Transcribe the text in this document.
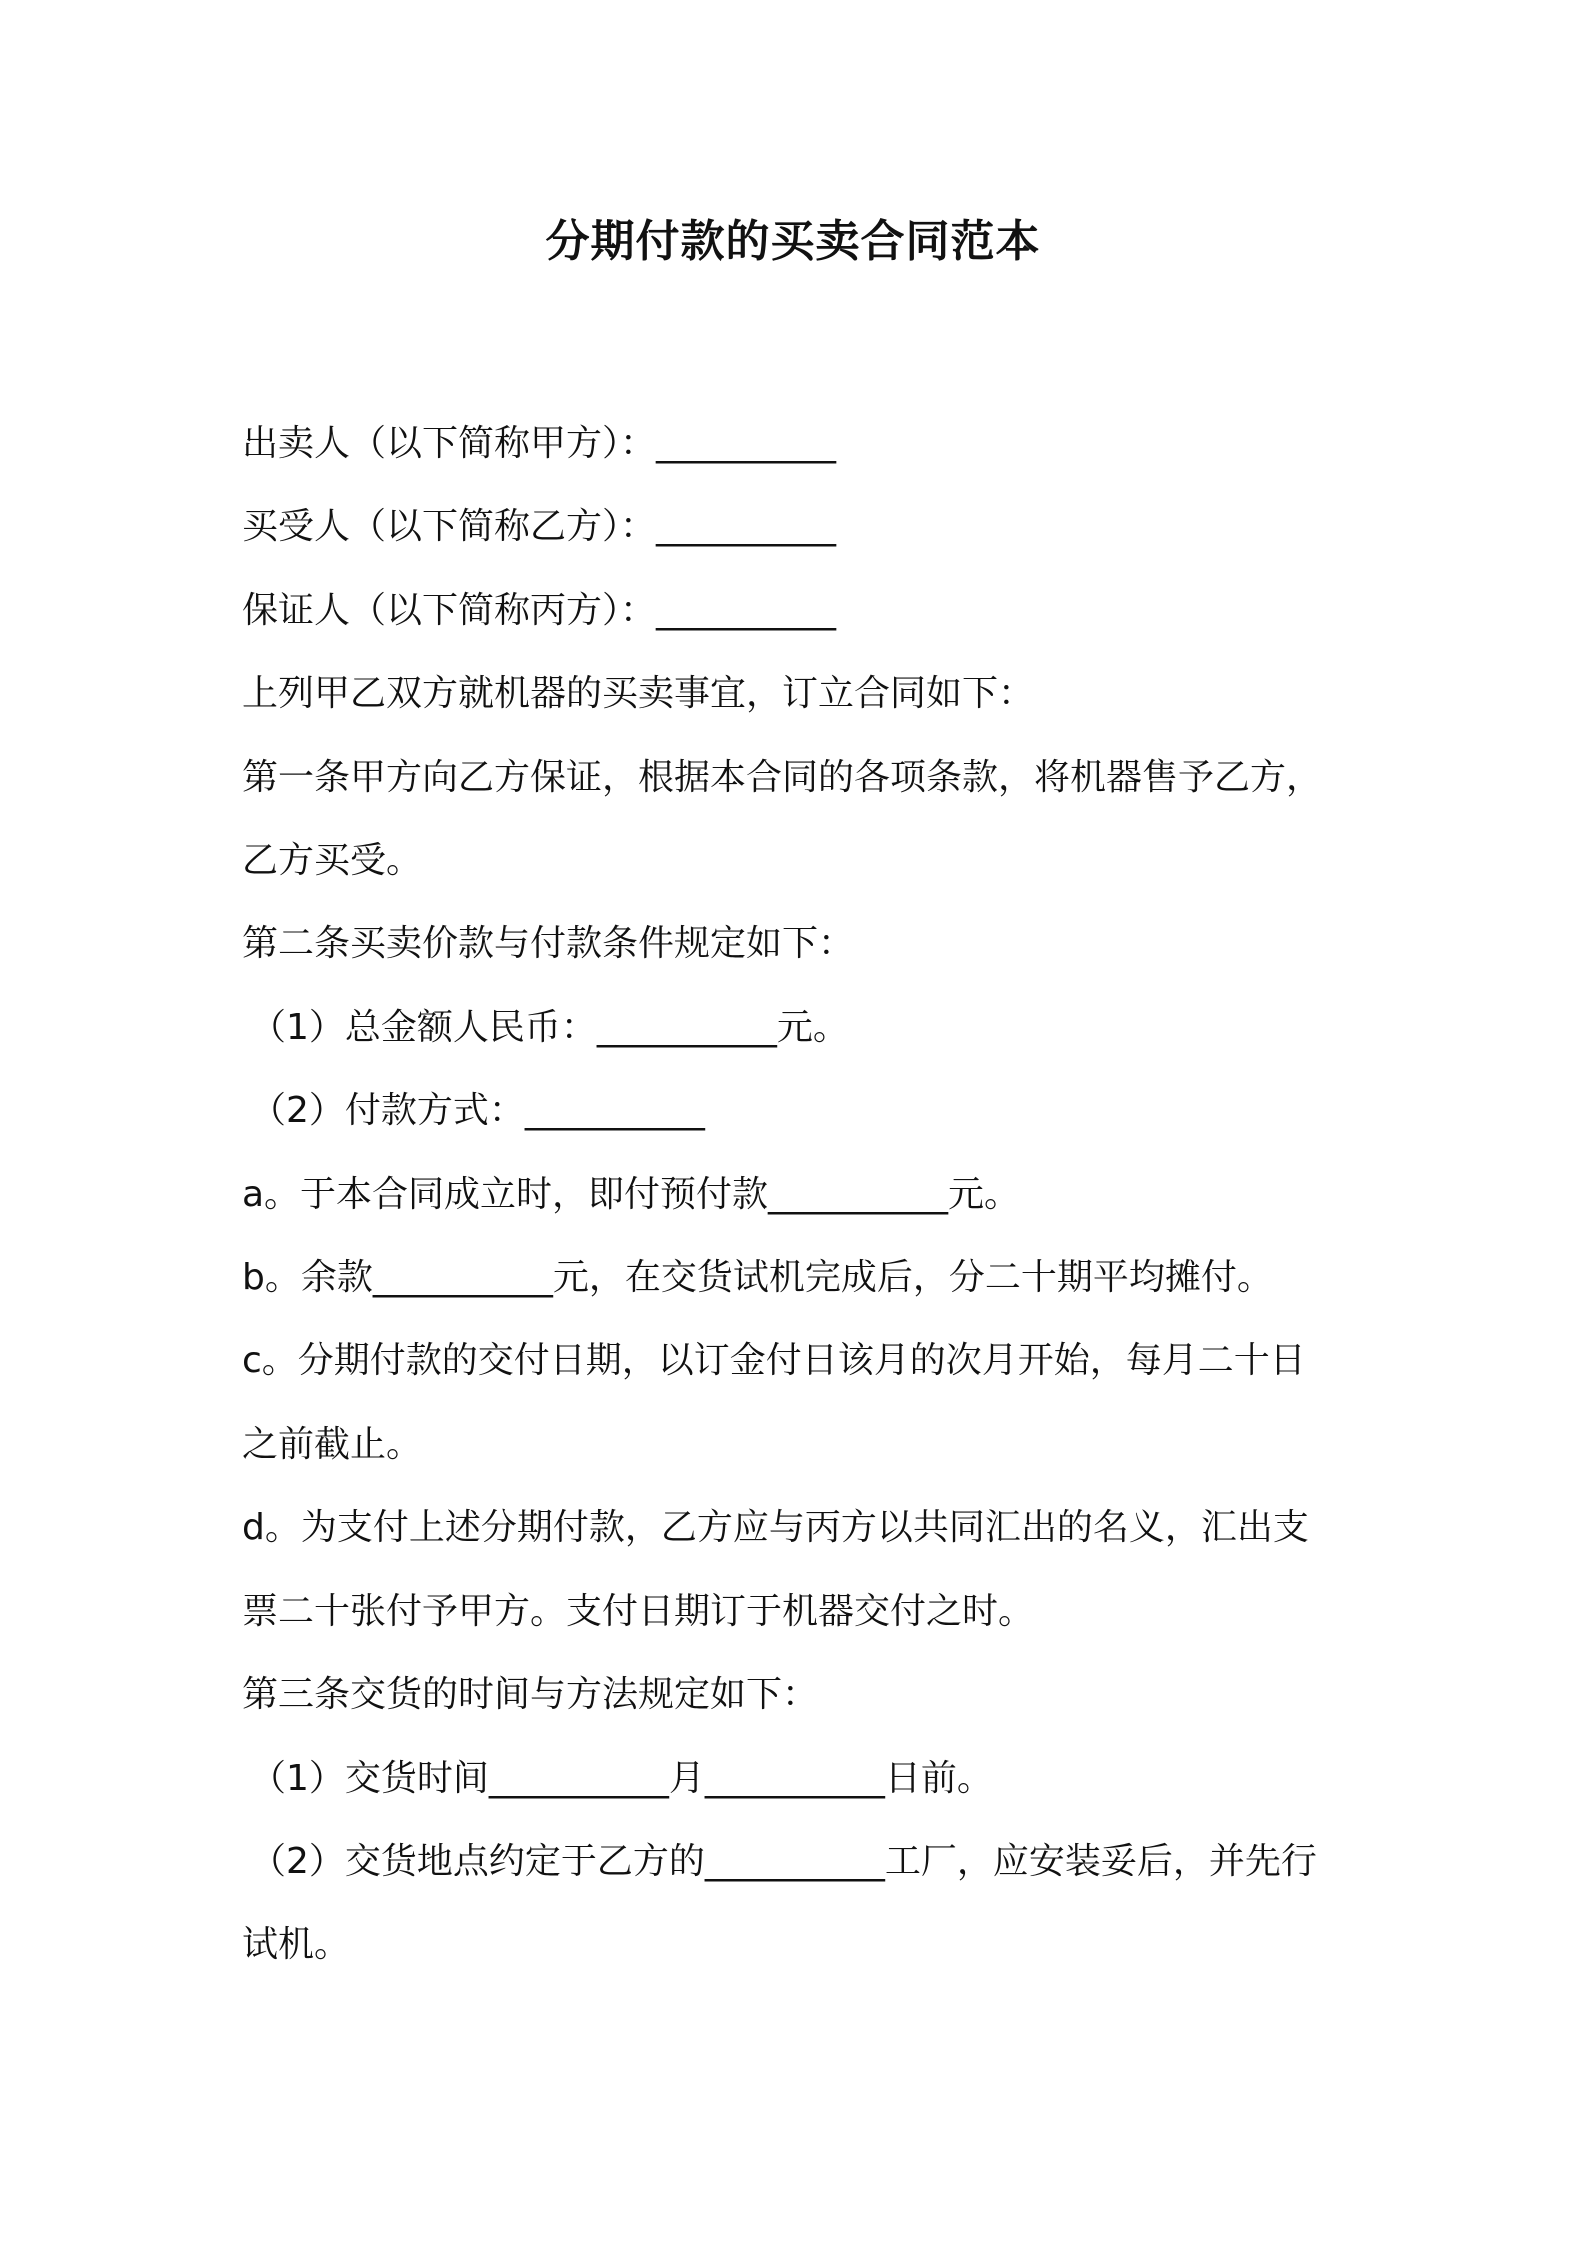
分期付款的买卖合同范本

出卖人（以下简称甲方）：__________

买受人（以下简称乙方）：__________

保证人（以下简称丙方）：__________

上列甲乙双方就机器的买卖事宜，订立合同如下：

第一条甲方向乙方保证，根据本合同的各项条款，将机器售予乙方，

乙方买受。

第二条买卖价款与付款条件规定如下：

（1）总金额人民币：__________元。

（2）付款方式：__________

a。于本合同成立时，即付预付款__________元。

b。余款__________元，在交货试机完成后，分二十期平均摊付。

c。分期付款的交付日期，以订金付日该月的次月开始，每月二十日

之前截止。

d。为支付上述分期付款，乙方应与丙方以共同汇出的名义，汇出支

票二十张付予甲方。支付日期订于机器交付之时。

第三条交货的时间与方法规定如下：

（1）交货时间__________月__________日前。

（2）交货地点约定于乙方的__________工厂，应安装妥后，并先行

试机。
